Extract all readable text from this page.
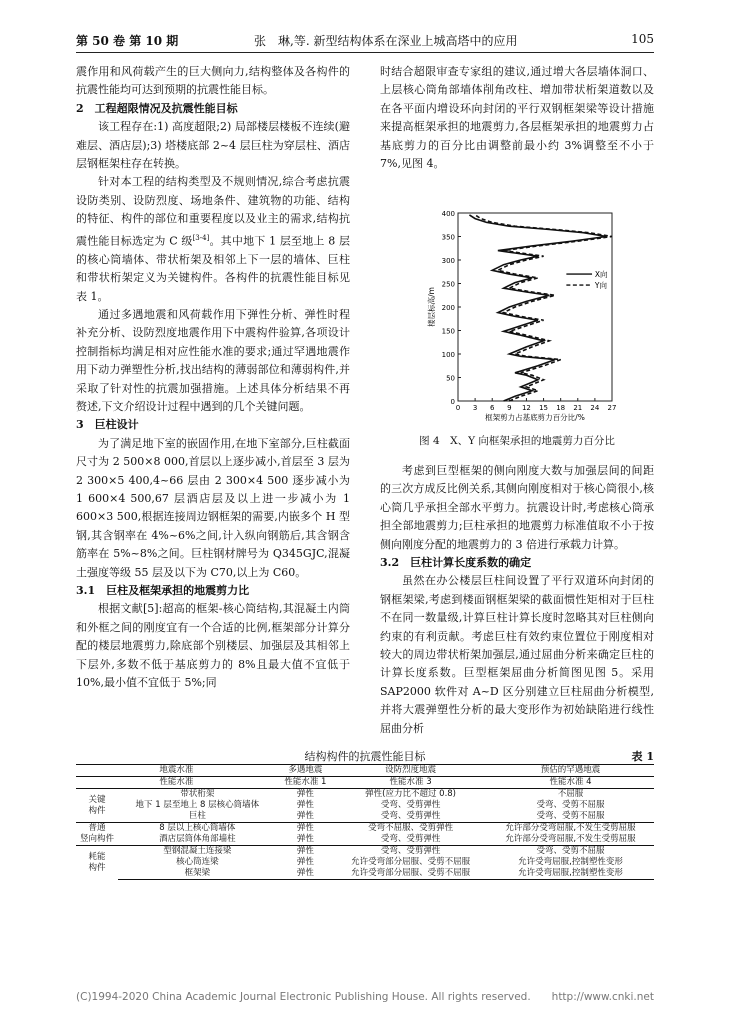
第 50 卷 第 10 期	张　琳,等. 新型结构体系在深业上城高塔中的应用	105

震作用和风荷载产生的巨大侧向力,结构整体及各构件的抗震性能均可达到预期的抗震性能目标。

2　工程超限情况及抗震性能目标

该工程存在:1) 高度超限;2) 局部楼层楼板不连续(避难层、酒店层);3) 塔楼底部 2~4 层巨柱为穿层柱、酒店层钢框架柱存在转换。

针对本工程的结构类型及不规则情况,综合考虑抗震设防类别、设防烈度、场地条件、建筑物的功能、结构的特征、构件的部位和重要程度以及业主的需求,结构抗震性能目标选定为 C 级[3-4]。其中地下 1 层至地上 8 层的核心筒墙体、带状桁架及相邻上下一层的墙体、巨柱和带状桁架定义为关键构件。各构件的抗震性能目标见表 1。

通过多遇地震和风荷载作用下弹性分析、弹性时程补充分析、设防烈度地震作用下中震构件验算,各项设计控制指标均满足相对应性能水准的要求;通过罕遇地震作用下动力弹塑性分析,找出结构的薄弱部位和薄弱构件,并采取了针对性的抗震加强措施。上述具体分析结果不再赘述,下文介绍设计过程中遇到的几个关键问题。

3　巨柱设计

为了满足地下室的嵌固作用,在地下室部分,巨柱截面尺寸为 2 500×8 000,首层以上逐步减小,首层至 3 层为 2 300×5 400,4~66 层由 2 300×4 500 逐步减小为 1 600×4 500,67 层酒店层及以上进一步减小为 1 600×3 500,根据连接周边钢框架的需要,内嵌多个 H 型钢,其含钢率在 4%~6%之间,计入纵向钢筋后,其含钢含筋率在 5%~8%之间。巨柱钢材牌号为 Q345GJC,混凝土强度等级 55 层及以下为 C70,以上为 C60。

3.1　巨柱及框架承担的地震剪力比

根据文献[5]:超高的框架-核心筒结构,其混凝土内筒和外框之间的刚度宜有一个合适的比例,框架部分计算分配的楼层地震剪力,除底部个别楼层、加强层及其相邻上下层外,多数不低于基底剪力的 8%且最大值不宜低于 10%,最小值不宜低于 5%;同

时结合超限审查专家组的建议,通过增大各层墙体洞口、上层核心筒角部墙体削角改柱、增加带状桁架道数以及在各平面内增设环向封闭的平行双钢框架梁等设计措施来提高框架承担的地震剪力,各层框架承担的地震剪力占基底剪力的百分比由调整前最小约 3%调整至不小于 7%,见图 4。

0
50
100
150
200
250
300
350
400
0 3 6 9 12 15 18 21 24 27
框架剪力占基底剪力百分比/%
楼层标高/m
X向
Y向
图 4　X、Y 向框架承担的地震剪力百分比

考虑到巨型框架的侧向刚度大数与加强层间的间距的三次方成反比例关系,其侧向刚度相对于核心筒很小,核心筒几乎承担全部水平剪力。抗震设计时,考虑核心筒承担全部地震剪力;巨柱承担的地震剪力标准值取不小于按侧向刚度分配的地震剪力的 3 倍进行承载力计算。

3.2　巨柱计算长度系数的确定

虽然在办公楼层巨柱间设置了平行双道环向封闭的钢框架梁,考虑到楼面钢框架梁的截面惯性矩相对于巨柱不在同一数量级,计算巨柱计算长度时忽略其对巨柱侧向约束的有利贡献。考虑巨柱有效约束位置位于刚度相对较大的周边带状桁架加强层,通过屈曲分析来确定巨柱的计算长度系数。巨型框架屈曲分析简图见图 5。采用 SAP2000 软件对 A~D 区分别建立巨柱屈曲分析模型,并将大震弹塑性分析的最大变形作为初始缺陷进行线性屈曲分析

结构构件的抗震性能目标	表 1
地震水准		多遇地震	设防烈度地震	预估的罕遇地震
性能水准		性能水准 1	性能水准 3	性能水准 4
关键
构件	带状桁架	弹性	弹性(应力比不超过 0.8)	不屈服
	地下 1 层至地上 8 层核心筒墙体	弹性	受弯、受剪弹性	受弯、受剪不屈服
	巨柱	弹性	受弯、受剪弹性	受弯、受剪不屈服
普通
竖向构件	8 层以上核心筒墙体	弹性	受弯不屈服、受剪弹性	允许部分受弯屈服,不发生受剪屈服
	酒店层筒体角部墙柱	弹性	受弯、受剪弹性	允许部分受弯屈服,不发生受剪屈服
耗能
构件	型钢混凝土连接梁	弹性	受弯、受剪弹性	受弯、受剪不屈服
	核心筒连梁	弹性	允许受弯部分屈服、受剪不屈服	允许受弯屈服,控制塑性变形
	框架梁	弹性	允许受弯部分屈服、受剪不屈服	允许受弯屈服,控制塑性变形
(C)1994-2020 China Academic Journal Electronic Publishing House. All rights reserved.　　http://www.cnki.net
